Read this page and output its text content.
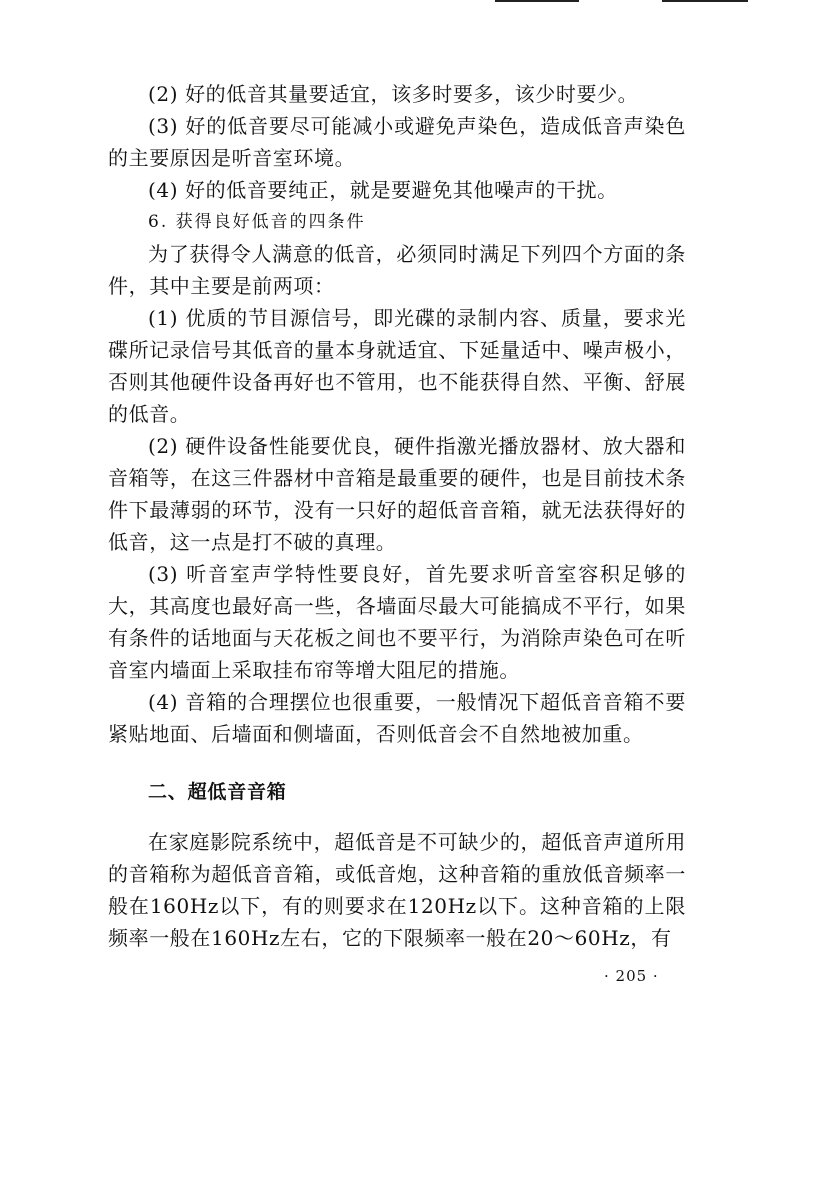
(2) 好的低音其量要适宜，该多时要多，该少时要少。

(3) 好的低音要尽可能减小或避免声染色，造成低音声染色的主要原因是听音室环境。

(4) 好的低音要纯正，就是要避免其他噪声的干扰。

6. 获得良好低音的四条件

为了获得令人满意的低音，必须同时满足下列四个方面的条件，其中主要是前两项：

(1) 优质的节目源信号，即光碟的录制内容、质量，要求光碟所记录信号其低音的量本身就适宜、下延量适中、噪声极小，否则其他硬件设备再好也不管用，也不能获得自然、平衡、舒展的低音。

(2) 硬件设备性能要优良，硬件指激光播放器材、放大器和音箱等，在这三件器材中音箱是最重要的硬件，也是目前技术条件下最薄弱的环节，没有一只好的超低音音箱，就无法获得好的低音，这一点是打不破的真理。

(3) 听音室声学特性要良好，首先要求听音室容积足够的大，其高度也最好高一些，各墙面尽最大可能搞成不平行，如果有条件的话地面与天花板之间也不要平行，为消除声染色可在听音室内墙面上采取挂布帘等增大阻尼的措施。

(4) 音箱的合理摆位也很重要，一般情况下超低音音箱不要紧贴地面、后墙面和侧墙面，否则低音会不自然地被加重。

二、超低音音箱

在家庭影院系统中，超低音是不可缺少的，超低音声道所用的音箱称为超低音音箱，或低音炮，这种音箱的重放低音频率一般在160Hz以下，有的则要求在120Hz以下。这种音箱的上限频率一般在160Hz左右，它的下限频率一般在20～60Hz，有

· 205 ·
